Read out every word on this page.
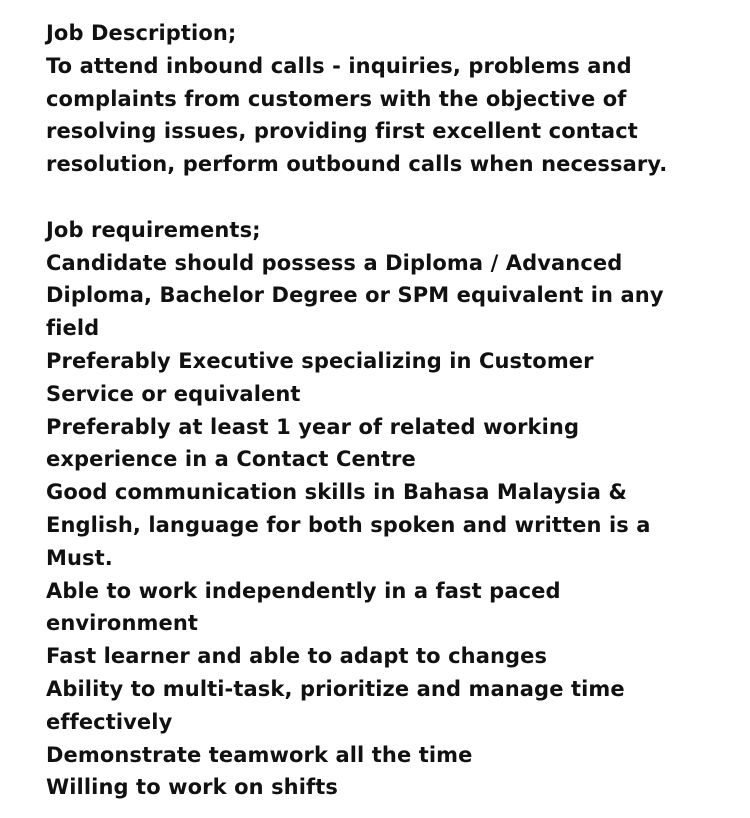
Job Description;

To attend inbound calls - inquiries, problems and

complaints from customers with the objective of

resolving issues, providing first excellent contact

resolution, perform outbound calls when necessary.

Job requirements;

Candidate should possess a Diploma / Advanced

Diploma, Bachelor Degree or SPM equivalent in any

field

Preferably Executive specializing in Customer

Service or equivalent

Preferably at least 1 year of related working

experience in a Contact Centre

Good communication skills in Bahasa Malaysia &

English, language for both spoken and written is a

Must.

Able to work independently in a fast paced

environment

Fast learner and able to adapt to changes

Ability to multi-task, prioritize and manage time

effectively

Demonstrate teamwork all the time

Willing to work on shifts
